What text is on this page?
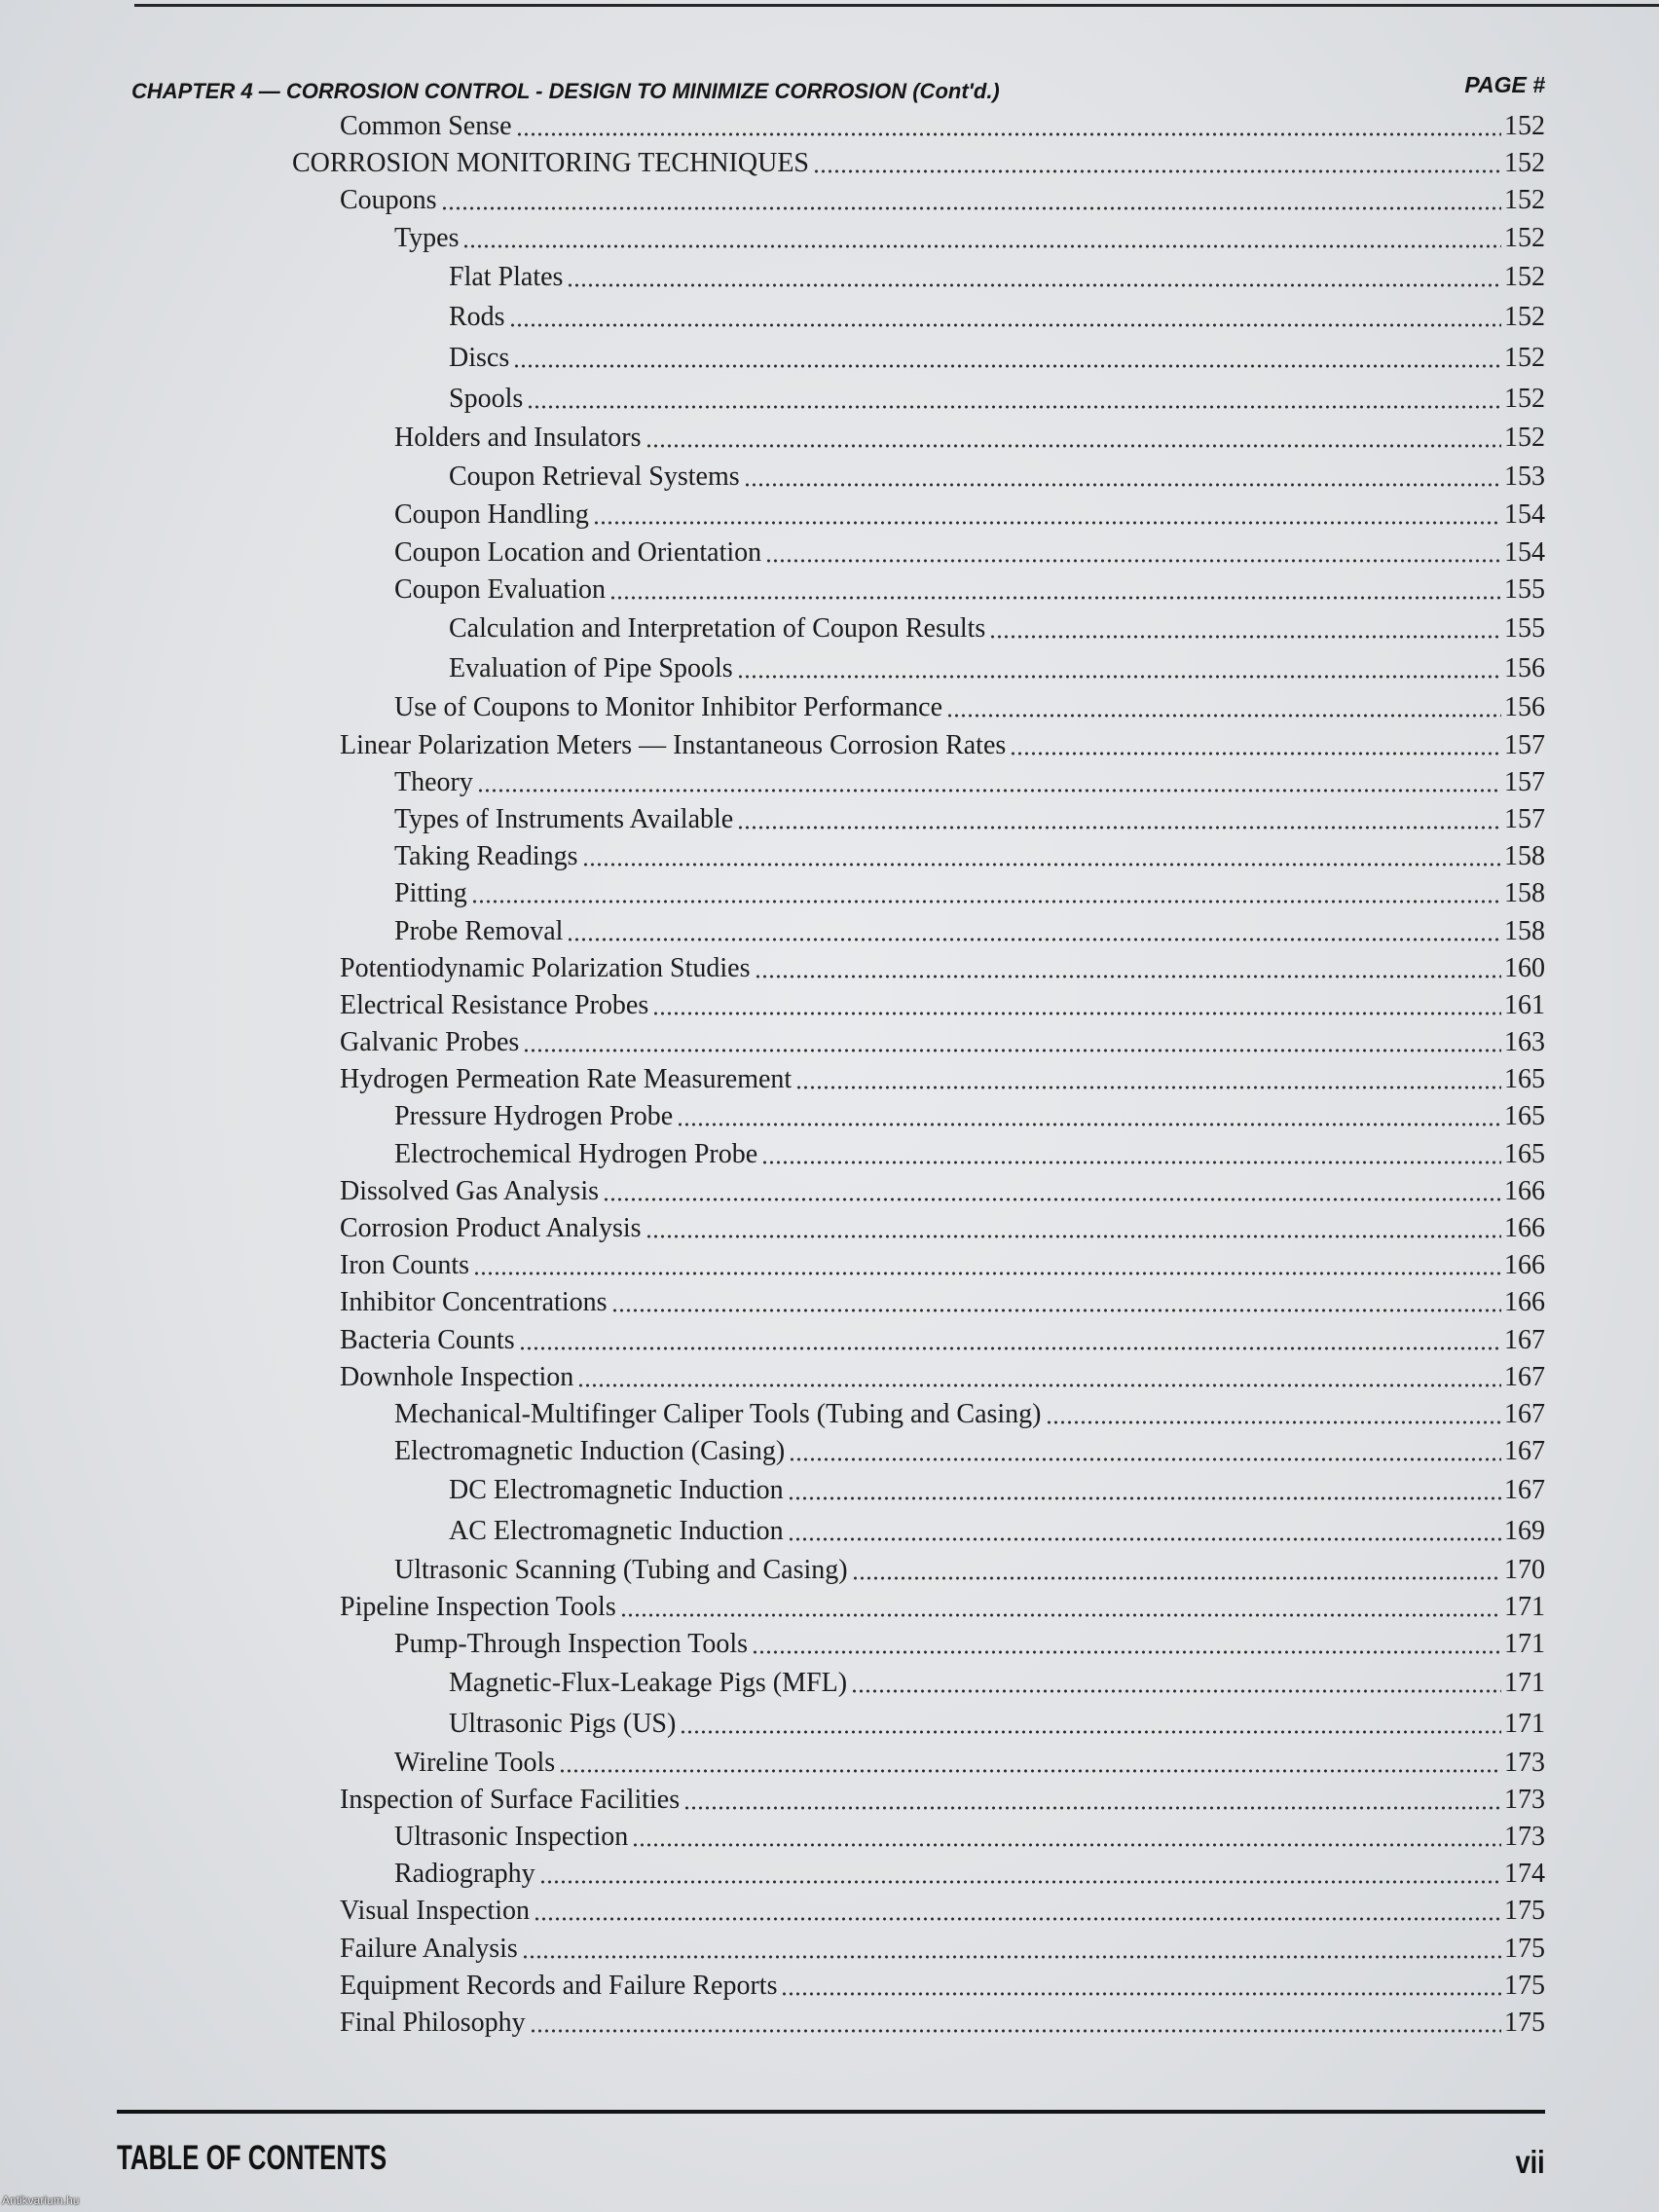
CHAPTER 4 — CORROSION CONTROL - DESIGN TO MINIMIZE CORROSION (Cont'd.)	PAGE #
Common Sense	152
CORROSION MONITORING TECHNIQUES	152
Coupons	152
Types	152
Flat Plates	152
Rods	152
Discs	152
Spools	152
Holders and Insulators	152
Coupon Retrieval Systems	153
Coupon Handling	154
Coupon Location and Orientation	154
Coupon Evaluation	155
Calculation and Interpretation of Coupon Results	155
Evaluation of Pipe Spools	156
Use of Coupons to Monitor Inhibitor Performance	156
Linear Polarization Meters — Instantaneous Corrosion Rates	157
Theory	157
Types of Instruments Available	157
Taking Readings	158
Pitting	158
Probe Removal	158
Potentiodynamic Polarization Studies	160
Electrical Resistance Probes	161
Galvanic Probes	163
Hydrogen Permeation Rate Measurement	165
Pressure Hydrogen Probe	165
Electrochemical Hydrogen Probe	165
Dissolved Gas Analysis	166
Corrosion Product Analysis	166
Iron Counts	166
Inhibitor Concentrations	166
Bacteria Counts	167
Downhole Inspection	167
Mechanical-Multifinger Caliper Tools (Tubing and Casing)	167
Electromagnetic Induction (Casing)	167
DC Electromagnetic Induction	167
AC Electromagnetic Induction	169
Ultrasonic Scanning (Tubing and Casing)	170
Pipeline Inspection Tools	171
Pump-Through Inspection Tools	171
Magnetic-Flux-Leakage Pigs (MFL)	171
Ultrasonic Pigs (US)	171
Wireline Tools	173
Inspection of Surface Facilities	173
Ultrasonic Inspection	173
Radiography	174
Visual Inspection	175
Failure Analysis	175
Equipment Records and Failure Reports	175
Final Philosophy	175
TABLE OF CONTENTS	vii
Antikvarium.hu
